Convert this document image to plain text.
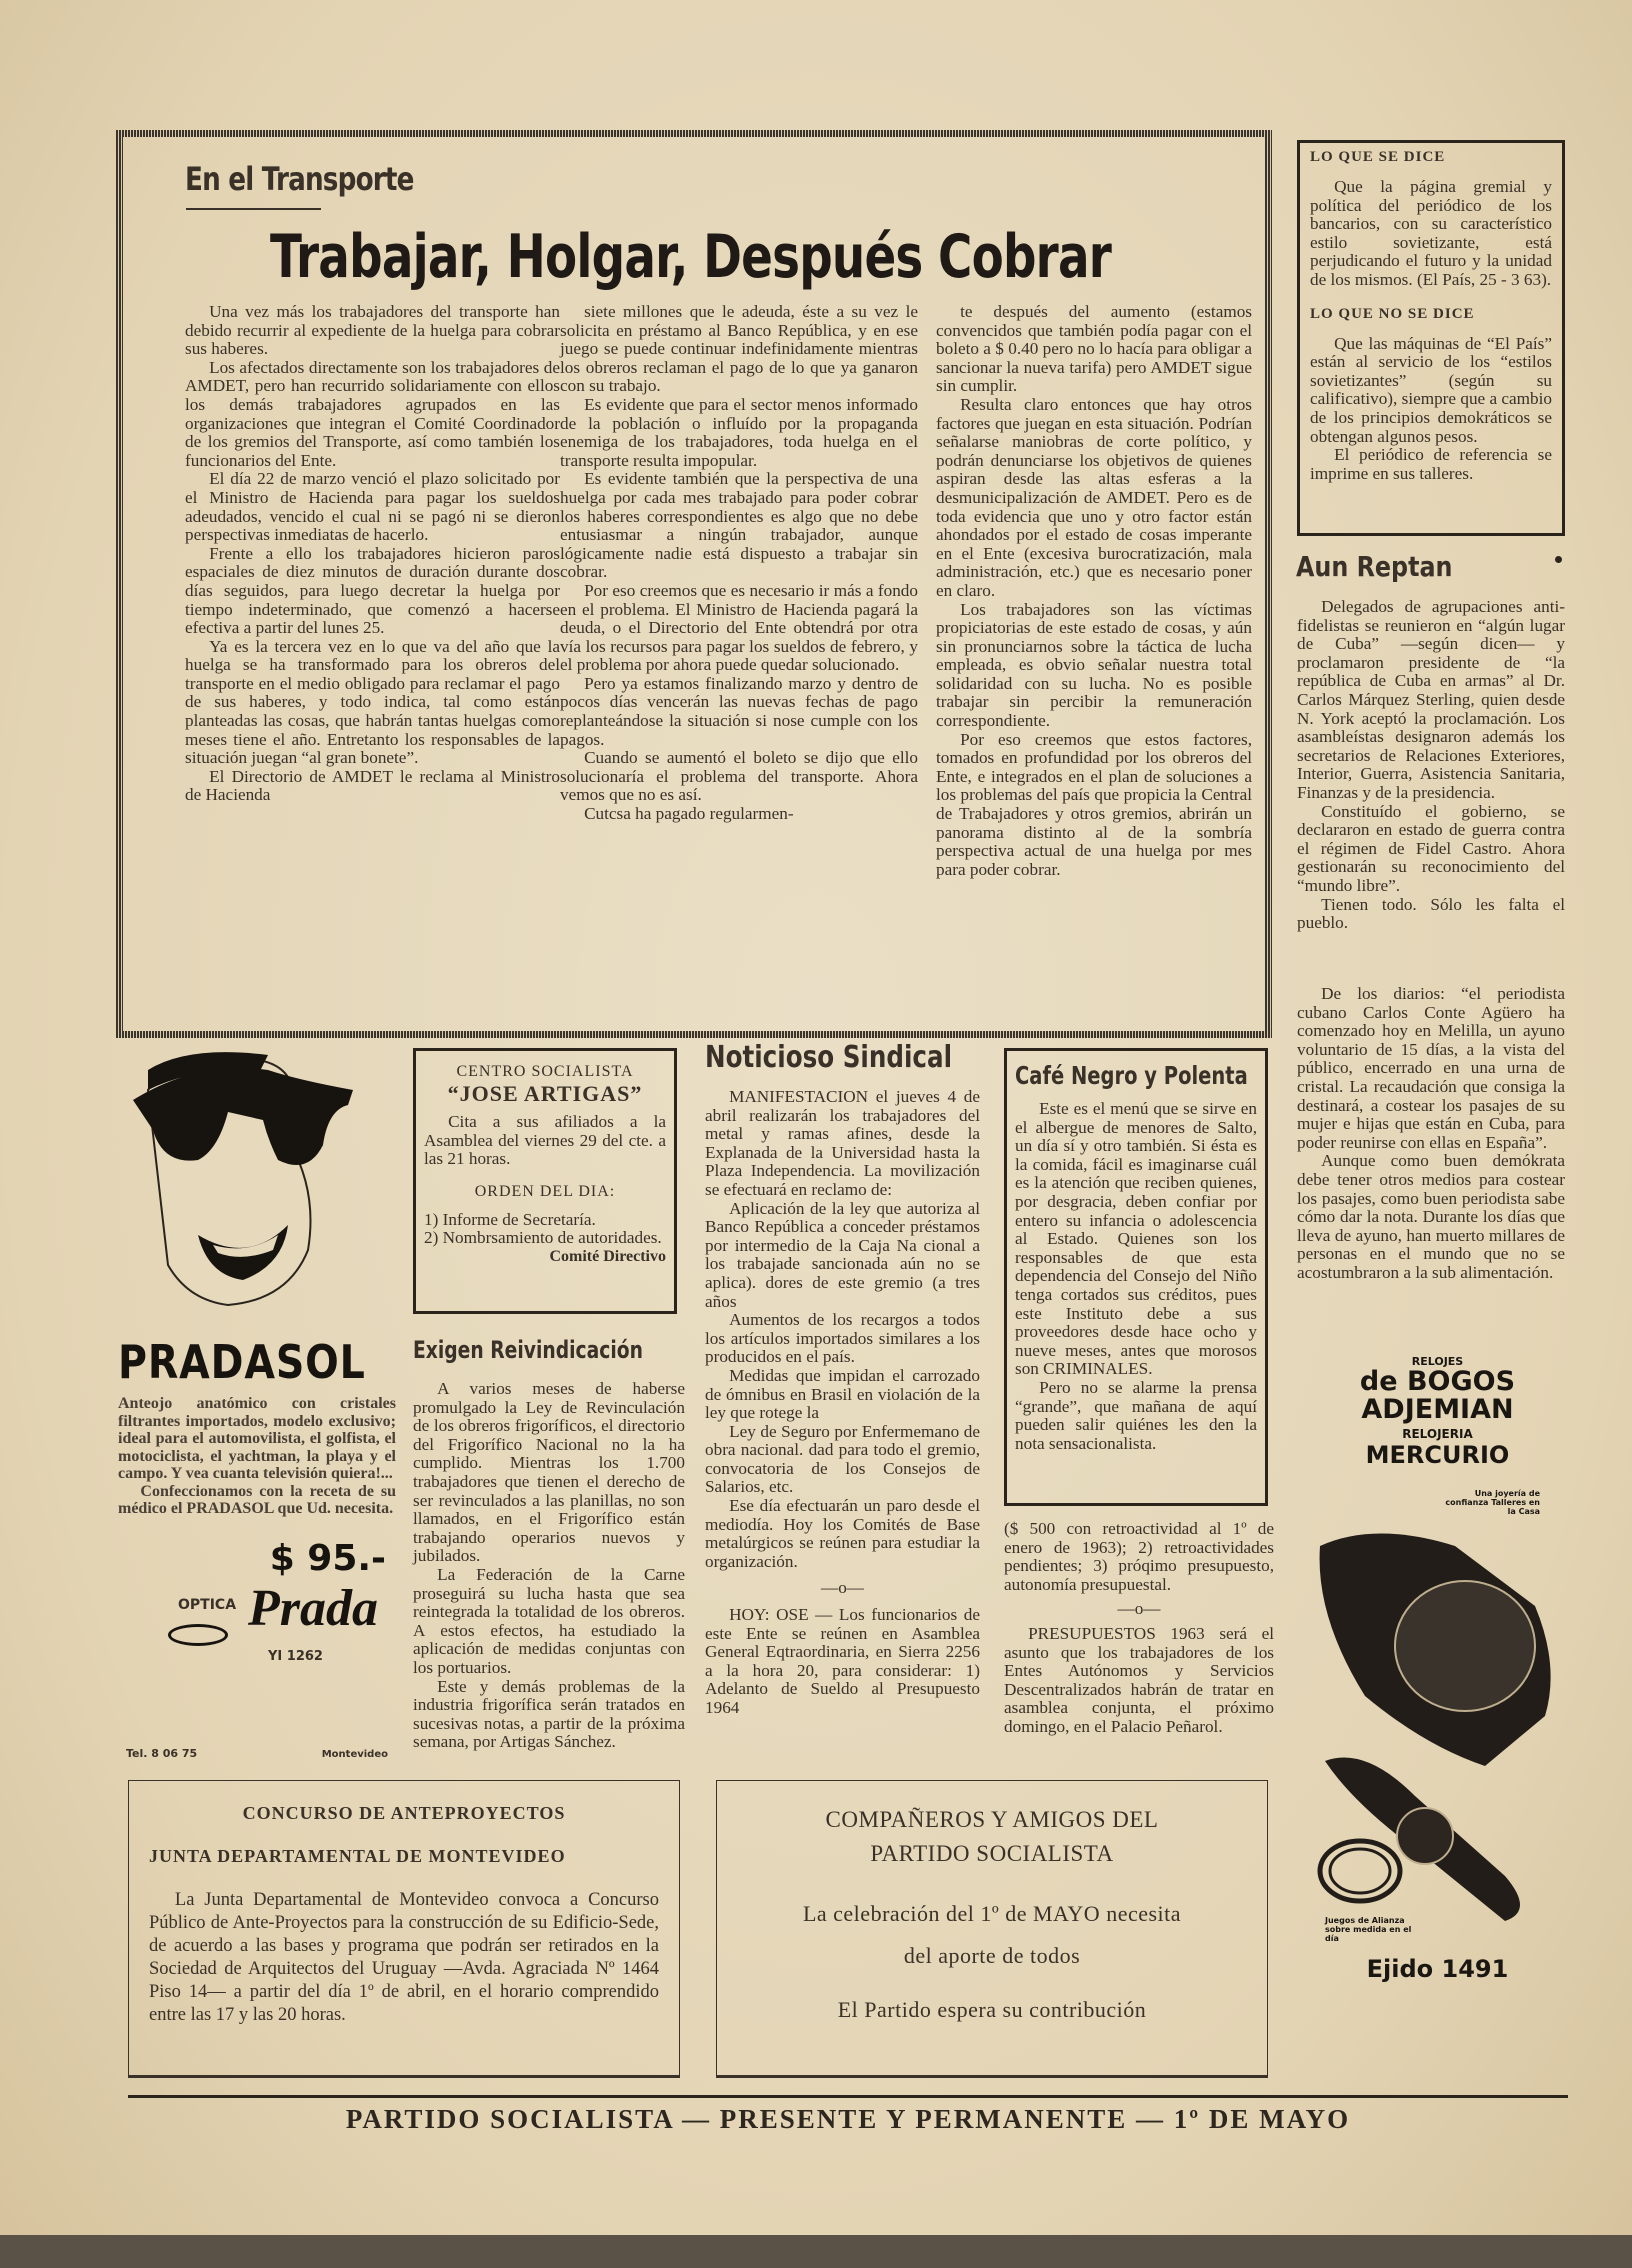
En el Transporte
Trabajar, Holgar, Después Cobrar

Una vez más los trabajadores del transporte han debido recurrir al expediente de la huelga para cobrar sus haberes.

Los afectados directamente son los trabajadores de AMDET, pero han recurrido solidariamente con ellos los demás trabajadores agrupados en las organizaciones que integran el Comité Coordinador de los gremios del Transporte, así como también los funcionarios del Ente.

El día 22 de marzo venció el plazo solicitado por el Ministro de Hacienda para pagar los sueldos adeudados, vencido el cual ni se pagó ni se dieron perspectivas inmediatas de hacerlo.

Frente a ello los trabajadores hicieron paros espaciales de diez minutos de duración durante dos días seguidos, para luego decretar la huelga por tiempo indeterminado, que comenzó a hacerse efectiva a partir del lunes 25.

Ya es la tercera vez en lo que va del año que la huelga se ha transformado para los obreros del transporte en el medio obligado para reclamar el pago de sus haberes, y todo indica, tal como están planteadas las cosas, que habrán tantas huelgas como meses tiene el año. Entretanto los responsables de la situación juegan “al gran bonete”.

El Directorio de AMDET le reclama al Ministro de Hacienda

siete millones que le adeuda, éste a su vez le solicita en préstamo al Banco República, y en ese juego se puede continuar indefinidamente mientras los obreros reclaman el pago de lo que ya ganaron con su trabajo.

Es evidente que para el sector menos informado de la población o influído por la propaganda enemiga de los trabajadores, toda huelga en el transporte resulta impopular.

Es evidente también que la perspectiva de una huelga por cada mes trabajado para poder cobrar los haberes correspondientes es algo que no debe entusiasmar a ningún trabajador, aunque lógicamente nadie está dispuesto a trabajar sin cobrar.

Por eso creemos que es necesario ir más a fondo en el problema. El Ministro de Hacienda pagará la deuda, o el Directorio del Ente obtendrá por otra vía los recursos para pagar los sueldos de febrero, y el problema por ahora puede quedar solucionado.

Pero ya estamos finalizando marzo y dentro de pocos días vencerán las nuevas fechas de pago replanteándose la situación si nose cumple con los pagos.

Cuando se aumentó el boleto se dijo que ello solucionaría el problema del transporte. Ahora vemos que no es así.

Cutcsa ha pagado regularmen-

te después del aumento (estamos convencidos que también podía pagar con el boleto a $ 0.40 pero no lo hacía para obligar a sancionar la nueva tarifa) pero AMDET sigue sin cumplir.

Resulta claro entonces que hay otros factores que juegan en esta situación. Podrían señalarse maniobras de corte político, y podrán denunciarse los objetivos de quienes aspiran desde las altas esferas a la desmunicipalización de AMDET. Pero es de toda evidencia que uno y otro factor están ahondados por el estado de cosas imperante en el Ente (excesiva burocratización, mala administración, etc.) que es necesario poner en claro.

Los trabajadores son las víctimas propiciatorias de este estado de cosas, y aún sin pronunciarnos sobre la táctica de lucha empleada, es obvio señalar nuestra total solidaridad con su lucha. No es posible trabajar sin percibir la remuneración correspondiente.

Por eso creemos que estos factores, tomados en profundidad por los obreros del Ente, e integrados en el plan de soluciones a los problemas del país que propicia la Central de Trabajadores y otros gremios, abrirán un panorama distinto al de la sombría perspectiva actual de una huelga por mes para poder cobrar.

LO QUE SE DICE

Que la página gremial y política del periódico de los bancarios, con su característico estilo sovietizante, está perjudicando el futuro y la unidad de los mismos. (El País, 25 - 3 63).

LO QUE NO SE DICE

Que las máquinas de “El País” están al servicio de los “estilos sovietizantes” (según su calificativo), siempre que a cambio de los principios demokráticos se obtengan algunos pesos.

El periódico de referencia se imprime en sus talleres.

Aun Reptan

Delegados de agrupaciones anti-fidelistas se reunieron en “algún lugar de Cuba” —según dicen— y proclamaron presidente de “la república de Cuba en armas” al Dr. Carlos Márquez Sterling, quien desde N. York aceptó la proclamación. Los asambleístas designaron además los secretarios de Relaciones Exteriores, Interior, Guerra, Asistencia Sanitaria, Finanzas y de la presidencia.

Constituído el gobierno, se declararon en estado de guerra contra el régimen de Fidel Castro. Ahora gestionarán su reconocimiento del “mundo libre”.

Tienen todo. Sólo les falta el pueblo.

De los diarios: “el periodista cubano Carlos Conte Agüero ha comenzado hoy en Melilla, un ayuno voluntario de 15 días, a la vista del público, encerrado en una urna de cristal. La recaudación que consiga la destinará, a costear los pasajes de su mujer e hijas que están en Cuba, para poder reunirse con ellas en España”.

Aunque como buen demókrata debe tener otros medios para costear los pasajes, como buen periodista sabe cómo dar la nota. Durante los días que lleva de ayuno, han muerto millares de personas en el mundo que no se acostumbraron a la sub alimentación.

RELOJES
de BOGOS
ADJEMIAN
RELOJERIA
MERCURIO
Una joyería de confianza Talleres en la Casa
Juegos de Alianza sobre medida en el día
Ejido 1491
PRADASOL
Anteojo anatómico con cristales filtrantes importados, modelo exclusivo; ideal para el automovilista, el golfista, el motociclista, el yachtman, la playa y el campo. Y vea cuanta televisión quiera!...

Confeccionamos con la receta de su médico el PRADASOL que Ud. necesita.

$ 95.-
OPTICA Prada
YI 1262
Tel. 8 06 75	Montevideo
CENTRO SOCIALISTA
“JOSE ARTIGAS”

Cita a sus afiliados a la Asamblea del viernes 29 del cte. a las 21 horas.

ORDEN DEL DIA:
1) Informe de Secretaría.
2) Nombrsamiento de autoridades.
Comité Directivo
Exigen Reivindicación

A varios meses de haberse promulgado la Ley de Revinculación de los obreros frigoríficos, el directorio del Frigorífico Nacional no la ha cumplido. Mientras los 1.700 trabajadores que tienen el derecho de ser revinculados a las planillas, no son llamados, en el Frigorífico están trabajando operarios nuevos y jubilados.

La Federación de la Carne proseguirá su lucha hasta que sea reintegrada la totalidad de los obreros. A estos efectos, ha estudiado la aplicación de medidas conjuntas con los portuarios.

Este y demás problemas de la industria frigorífica serán tratados en sucesivas notas, a partir de la próxima semana, por Artigas Sánchez.

Noticioso Sindical

MANIFESTACION el jueves 4 de abril realizarán los trabajadores del metal y ramas afines, desde la Explanada de la Universidad hasta la Plaza Independencia. La movilización se efectuará en reclamo de:

Aplicación de la ley que autoriza al Banco República a conceder préstamos por intermedio de la Caja Na cional a los trabajade sancionada aún no se aplica). dores de este gremio (a tres años

Aumentos de los recargos a todos los artículos importados similares a los producidos en el país.

Medidas que impidan el carrozado de ómnibus en Brasil en violación de la ley que rotege la

Ley de Seguro por Enfermemano de obra nacional. dad para todo el gremio, convocatoria de los Consejos de Salarios, etc.

Ese día efectuarán un paro desde el mediodía. Hoy los Comités de Base metalúrgicos se reúnen para estudiar la organización.

—o—

HOY: OSE — Los funcionarios de este Ente se reúnen en Asamblea General Eqtraordinaria, en Sierra 2256 a la hora 20, para considerar: 1) Adelanto de Sueldo al Presupuesto 1964

Café Negro y Polenta

Este es el menú que se sirve en el albergue de menores de Salto, un día sí y otro también. Si ésta es la comida, fácil es imaginarse cuál es la atención que reciben quienes, por desgracia, deben confiar por entero su infancia o adolescencia al Estado. Quienes son los responsables de que esta dependencia del Consejo del Niño tenga cortados sus créditos, pues este Instituto debe a sus proveedores desde hace ocho y nueve meses, antes que morosos son CRIMINALES.

Pero no se alarme la prensa “grande”, que mañana de aquí pueden salir quiénes les den la nota sensacionalista.

($ 500 con retroactividad al 1º de enero de 1963); 2) retroactividades pendientes; 3) próqimo presupuesto, autonomía presupuestal.
—o—

PRESUPUESTOS 1963 será el asunto que los trabajadores de los Entes Autónomos y Servicios Descentralizados habrán de tratar en asamblea conjunta, el próximo domingo, en el Palacio Peñarol.

CONCURSO DE ANTEPROYECTOS
JUNTA DEPARTAMENTAL DE MONTEVIDEO

La Junta Departamental de Montevideo convoca a Concurso Público de Ante-Proyectos para la construcción de su Edificio-Sede, de acuerdo a las bases y programa que podrán ser retirados en la Sociedad de Arquitectos del Uruguay —Avda. Agraciada Nº 1464 Piso 14— a partir del día 1º de abril, en el horario comprendido entre las 17 y las 20 horas.

COMPAÑEROS Y AMIGOS DEL
PARTIDO SOCIALISTA
La celebración del 1º de MAYO necesita
del aporte de todos
El Partido espera su contribución
PARTIDO SOCIALISTA — PRESENTE Y PERMANENTE — 1º DE MAYO
